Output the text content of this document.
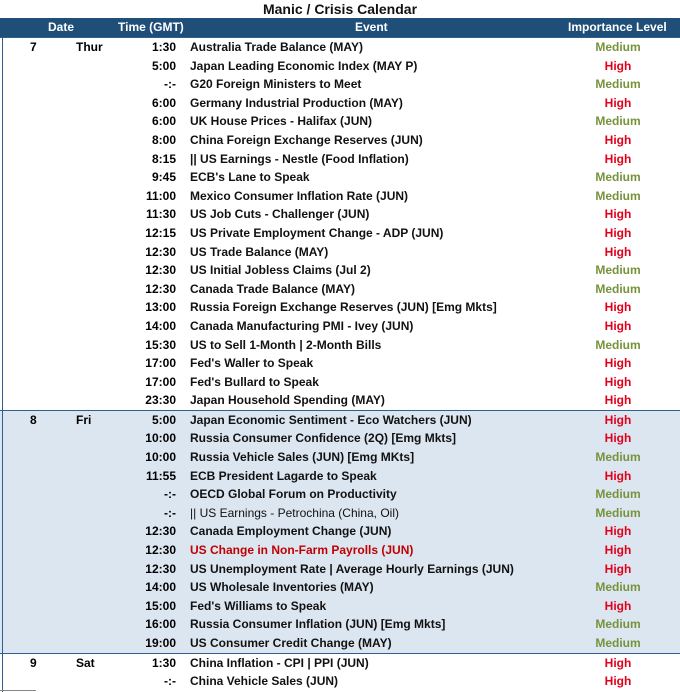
Manic / Crisis Calendar
Date	Time (GMT)	Event	Importance Level
7	Thur	1:30 Australia Trade Balance (MAY)	Medium
5:00 Japan Leading Economic Index (MAY P)	High
-:- G20 Foreign Ministers to Meet	Medium
6:00 Germany Industrial Production (MAY)	High
6:00 UK House Prices - Halifax (JUN)	Medium
8:00 China Foreign Exchange Reserves (JUN)	High
8:15 || US Earnings - Nestle (Food Inflation)	High
9:45 ECB's Lane to Speak	Medium
11:00 Mexico Consumer Inflation Rate (JUN)	Medium
11:30 US Job Cuts - Challenger (JUN)	High
12:15 US Private Employment Change - ADP (JUN)	High
12:30 US Trade Balance (MAY)	High
12:30 US Initial Jobless Claims (Jul 2)	Medium
12:30 Canada Trade Balance (MAY)	Medium
13:00 Russia Foreign Exchange Reserves (JUN) [Emg Mkts]	High
14:00 Canada Manufacturing PMI - Ivey (JUN)	High
15:30 US to Sell 1-Month | 2-Month Bills	Medium
17:00 Fed's Waller to Speak	High
17:00 Fed's Bullard to Speak	High
23:30 Japan Household Spending (MAY)	High
8	Fri	5:00 Japan Economic Sentiment - Eco Watchers (JUN)	High
10:00 Russia Consumer Confidence (2Q) [Emg Mkts]	High
10:00 Russia Vehicle Sales (JUN) [Emg MKts]	Medium
11:55 ECB President Lagarde to Speak	High
-:- OECD Global Forum on Productivity	Medium
-:- || US Earnings - Petrochina (China, Oil)	Medium
12:30 Canada Employment Change (JUN)	High
12:30 US Change in Non-Farm Payrolls (JUN)	High
12:30 US Unemployment Rate | Average Hourly Earnings (JUN)	High
14:00 US Wholesale Inventories (MAY)	Medium
15:00 Fed's Williams to Speak	High
16:00 Russia Consumer Inflation (JUN) [Emg Mkts]	Medium
19:00 US Consumer Credit Change (MAY)	Medium
9	Sat	1:30 China Inflation - CPI | PPI (JUN)	High
-:- China Vehicle Sales (JUN)	High
